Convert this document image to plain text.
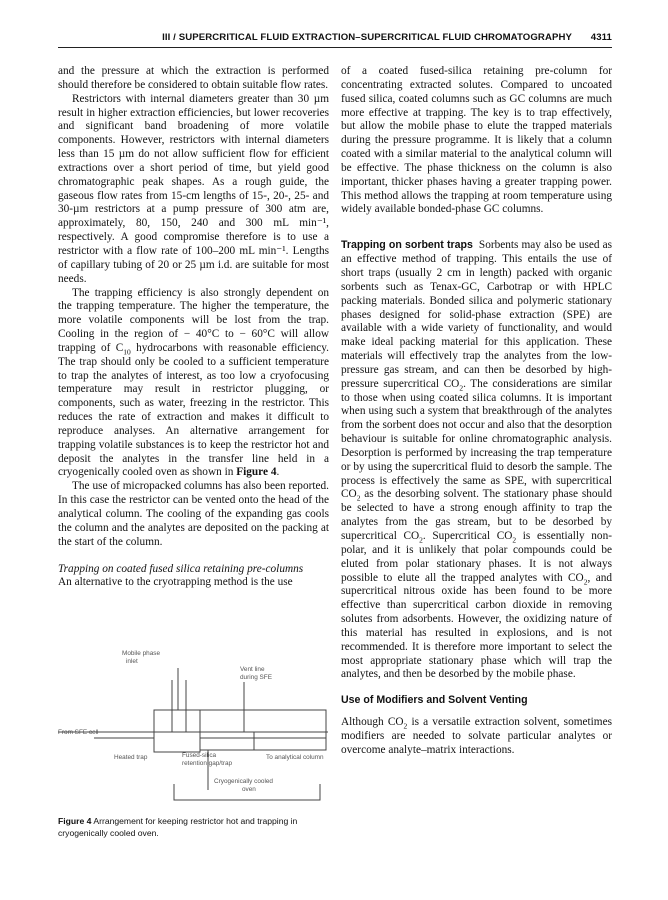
III / SUPERCRITICAL FLUID EXTRACTION–SUPERCRITICAL FLUID CHROMATOGRAPHY 4311

and the pressure at which the extraction is performed should therefore be considered to obtain suitable flow rates.

Restrictors with internal diameters greater than 30 µm result in higher extraction efficiencies, but lower recoveries and significant band broadening of more volatile components. However, restrictors with internal diameters less than 15 µm do not allow sufficient flow for efficient extractions over a short period of time, but yield good chromatographic peak shapes. As a rough guide, the gaseous flow rates from 15-cm lengths of 15-, 20-, 25- and 30-µm restrictors at a pump pressure of 300 atm are, approximately, 80, 150, 240 and 300 mL min⁻¹, respectively. A good compromise therefore is to use a restrictor with a flow rate of 100–200 mL min⁻¹. Lengths of capillary tubing of 20 or 25 µm i.d. are suitable for most needs.

The trapping efficiency is also strongly dependent on the trapping temperature. The higher the temperature, the more volatile components will be lost from the trap. Cooling in the region of − 40°C to − 60°C will allow trapping of $C_{10}$ hydrocarbons with reasonable efficiency. The trap should only be cooled to a sufficient temperature to trap the analytes of interest, as too low a cryofocusing temperature may result in restrictor plugging, or components, such as water, freezing in the restrictor. This reduces the rate of extraction and makes it difficult to reproduce analyses. An alternative arrangement for trapping volatile substances is to keep the restrictor hot and deposit the analytes in the transfer line held in a cryogenically cooled oven as shown in Figure 4.

The use of micropacked columns has also been reported. In this case the restrictor can be vented onto the head of the analytical column. The cooling of the expanding gas cools the column and the analytes are deposited on the packing at the start of the column.

Trapping on coated fused silica retaining pre-columns

An alternative to the cryotrapping method is the use

Mobile phase
inlet
Vent line
during SFE
From SFE cell
Heated trap	Fused-silica
retention gap/trap
To analytical column
Cryogenically cooled
oven
Figure 4 Arrangement for keeping restrictor hot and trapping in cryogenically cooled oven.

of a coated fused-silica retaining pre-column for concentrating extracted solutes. Compared to uncoated fused silica, coated columns such as GC columns are much more effective at trapping. The key is to trap effectively, but allow the mobile phase to elute the trapped materials during the pressure programme. It is likely that a column coated with a similar material to the analytical column will be effective. The phase thickness on the column is also important, thicker phases having a greater trapping power. This method allows the trapping at room temperature using widely available bonded-phase GC columns.

Trapping on sorbent traps Sorbents may also be used as an effective method of trapping. This entails the use of short traps (usually 2 cm in length) packed with organic sorbents such as Tenax-GC, Carbotrap or with HPLC packing materials. Bonded silica and polymeric stationary phases designed for solid-phase extraction (SPE) are available with a wide variety of functionality, and would make ideal packing material for this application. These materials will effectively trap the analytes from the low-pressure gas stream, and can then be desorbed by high-pressure supercritical $CO_2$. The considerations are similar to those when using coated silica columns. It is important when using such a system that breakthrough of the analytes from the sorbent does not occur and also that the desorption behaviour is suitable for online chromatographic analysis. Desorption is performed by increasing the trap temperature or by using the supercritical fluid to desorb the sample. The process is effectively the same as SPE, with supercritical $CO_2$ as the desorbing solvent. The stationary phase should be selected to have a strong enough affinity to trap the analytes from the gas stream, but to be desorbed by supercritical $CO_2$. Supercritical $CO_2$ is essentially non-polar, and it is unlikely that polar compounds could be eluted from polar stationary phases. It is not always possible to elute all the trapped analytes with $CO_2$, and supercritical nitrous oxide has been found to be more effective than supercritical carbon dioxide in removing solutes from adsorbents. However, the oxidizing nature of this material has resulted in explosions, and is not recommended. It is therefore more important to select the most appropriate stationary phase which will trap the analytes, and then be desorbed by the mobile phase.

Use of Modifiers and Solvent Venting

Although $CO_2$ is a versatile extraction solvent, sometimes modifiers are needed to solvate particular analytes or overcome analyte–matrix interactions.
